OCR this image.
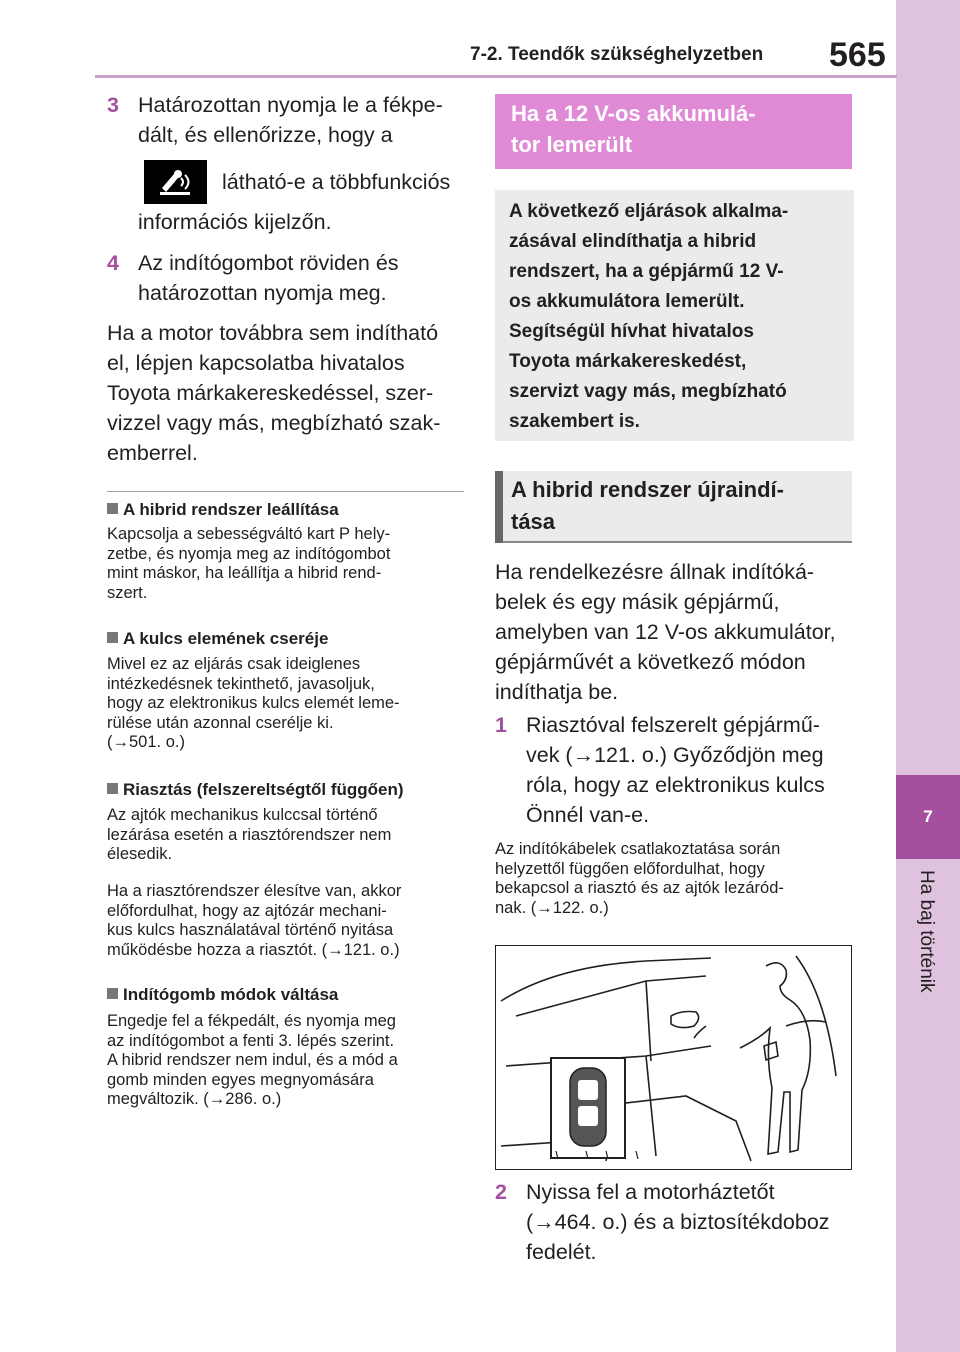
7
Ha baj történik
7-2. Teendők szükséghelyzetben 565
3 Határozottan nyomja le a fékpe-
dált, és ellenőrizze, hogy a
látható-e a többfunkciós
információs kijelzőn.
4 Az indítógombot röviden és
határozottan nyomja meg.
Ha a motor továbbra sem indítható
el, lépjen kapcsolatba hivatalos
Toyota márkakereskedéssel, szer-
vizzel vagy más, megbízható szak-
emberrel.
A hibrid rendszer leállítása
Kapcsolja a sebességváltó kart P hely-
zetbe, és nyomja meg az indítógombot
mint máskor, ha leállítja a hibrid rend-
szert.
A kulcs elemének cseréje
Mivel ez az eljárás csak ideiglenes
intézkedésnek tekinthető, javasoljuk,
hogy az elektronikus kulcs elemét leme-
rülése után azonnal cserélje ki.
(→501. o.)
Riasztás (felszereltségtől függően)
Az ajtók mechanikus kulccsal történő
lezárása esetén a riasztórendszer nem
élesedik.
Ha a riasztórendszer élesítve van, akkor
előfordulhat, hogy az ajtózár mechani-
kus kulcs használatával történő nyitása
működésbe hozza a riasztót. (→121. o.)
Indítógomb módok váltása
Engedje fel a fékpedált, és nyomja meg
az indítógombot a fenti 3. lépés szerint.
A hibrid rendszer nem indul, és a mód a
gomb minden egyes megnyomására
megváltozik. (→286. o.)
Ha a 12 V-os akkumulá-
tor lemerült
A következő eljárások alkalma-
zásával elindíthatja a hibrid
rendszert, ha a gépjármű 12 V-
os akkumulátora lemerült.
Segítségül hívhat hivatalos
Toyota márkakereskedést,
szervizt vagy más, megbízható
szakembert is.
A hibrid rendszer újraindí-
tása
Ha rendelkezésre állnak indítóká-
belek és egy másik gépjármű,
amelyben van 12 V-os akkumulátor,
gépjárművét a következő módon
indíthatja be.
1 Riasztóval felszerelt gépjármű-
vek (→121. o.) Győződjön meg
róla, hogy az elektronikus kulcs
Önnél van-e.
Az indítókábelek csatlakoztatása során
helyzettől függően előfordulhat, hogy
bekapcsol a riasztó és az ajtók lezáród-
nak. (→122. o.)
2 Nyissa fel a motorháztetőt
(→464. o.) és a biztosítékdoboz
fedelét.
